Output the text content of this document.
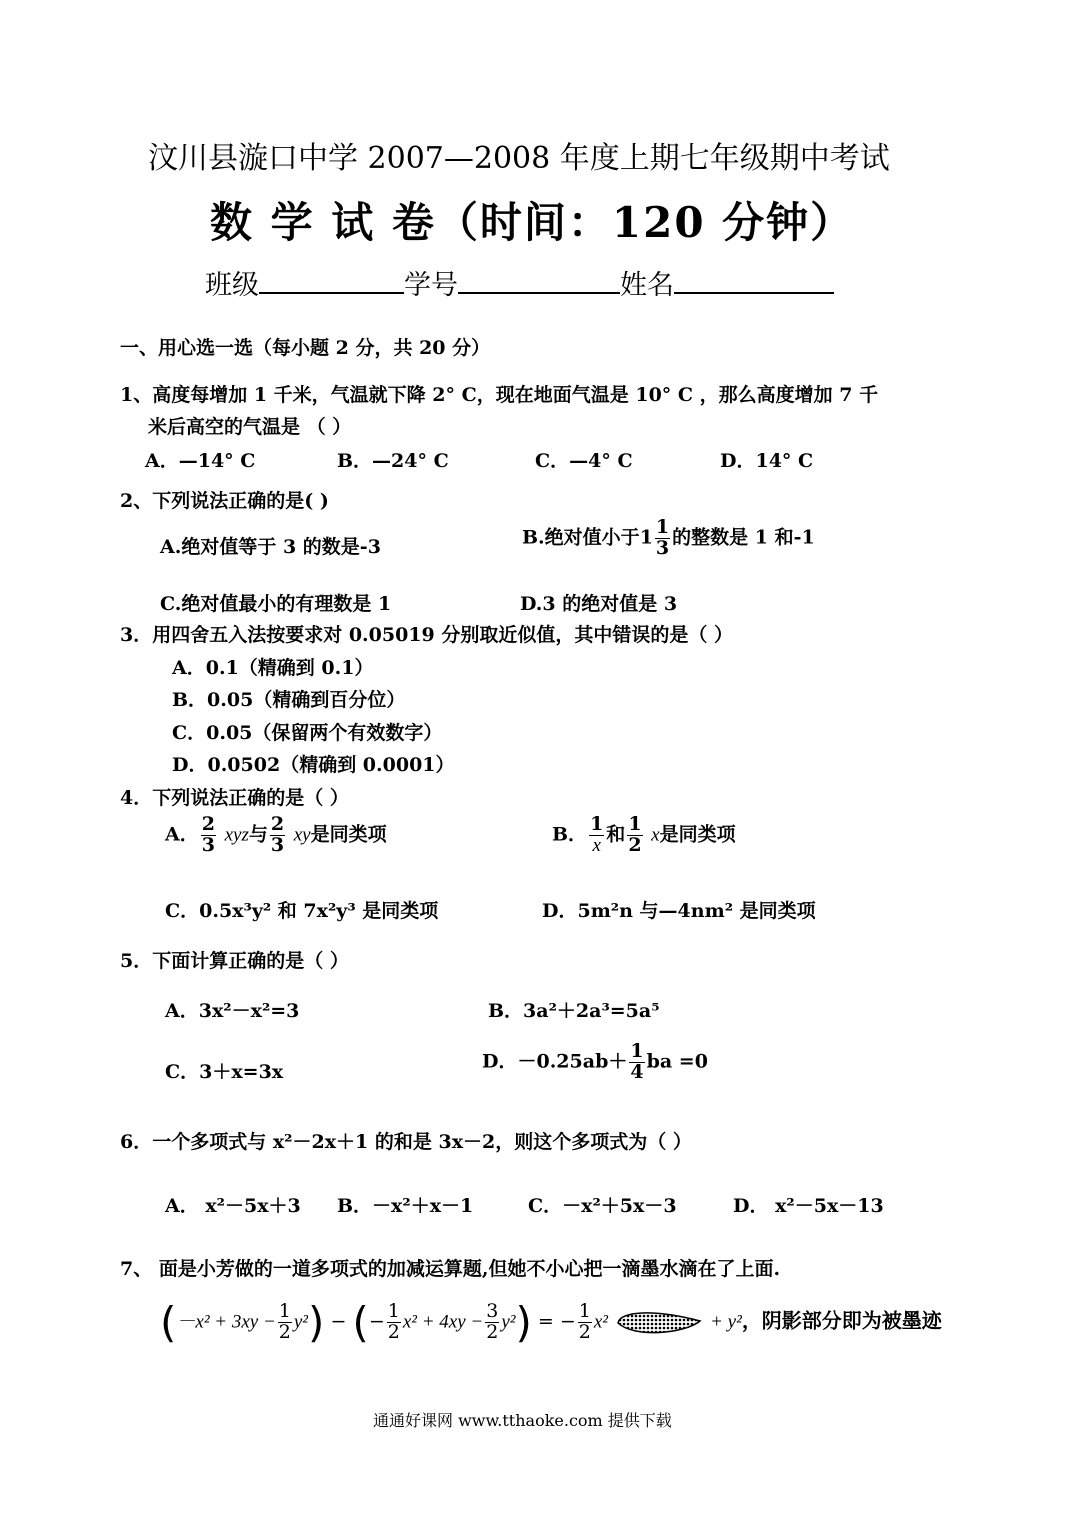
汶川县漩口中学 2007—2008 年度上期七年级期中考试
数 学 试 卷（时间：120 分钟）
班级	学号	姓名
一、用心选一选（每小题 2 分，共 20 分）
1、高度每增加 1 千米，气温就下降 2° C，现在地面气温是 10° C ，那么高度增加 7 千
米后高空的气温是 （ ）
A．—14° C	B．—24° C	C．—4° C	D．14° C
2、下列说法正确的是( )
A.绝对值等于 3 的数是-3	B.绝对值小于$1 \frac{1}{3}$ 的整数是 1 和-1
C.绝对值最小的有理数是 1	D.3 的绝对值是 3
3．用四舍五入法按要求对 0.05019 分别取近似值，其中错误的是（ ）
A．0.1（精确到 0.1）
B．0.05（精确到百分位）
C．0.05（保留两个有效数字）
D．0.0502（精确到 0.0001）
4．下列说法正确的是（ ）
A． $\frac{2}{3}$ xyz与 $\frac{2}{3}$ xy是同类项	B． $\frac{1}{x}$ 和 $\frac{1}{2}$ x是同类项
C．0.5x³y² 和 7x²y³ 是同类项	D．5m²n 与—4nm² 是同类项
5．下面计算正确的是（ ）
A．3x²－x²=3	B．3a²＋2a³=5a⁵
C．3＋x=3x	D．$-0.25ab+ \frac{1}{4}$ ba =0
6．一个多项式与 x²－2x＋1 的和是 3x－2，则这个多项式为（ ）
A． x²－5x＋3 B．－x²＋x－1	C．－x²＋5x－3	D． x²－5x－13
7、 面是小芳做的一道多项式的加减运算题,但她不小心把一滴墨水滴在了上面.
$(-x^2 + 3xy - \frac{1}{2} y^2)$ − (− $\frac{1}{2} x^2 + 4xy - \frac{3}{2} y^2$) = − $\frac{1}{2} x^2$	+ y²，阴影部分即为被墨迹
通通好课网 www.tthaoke.com 提供下载
